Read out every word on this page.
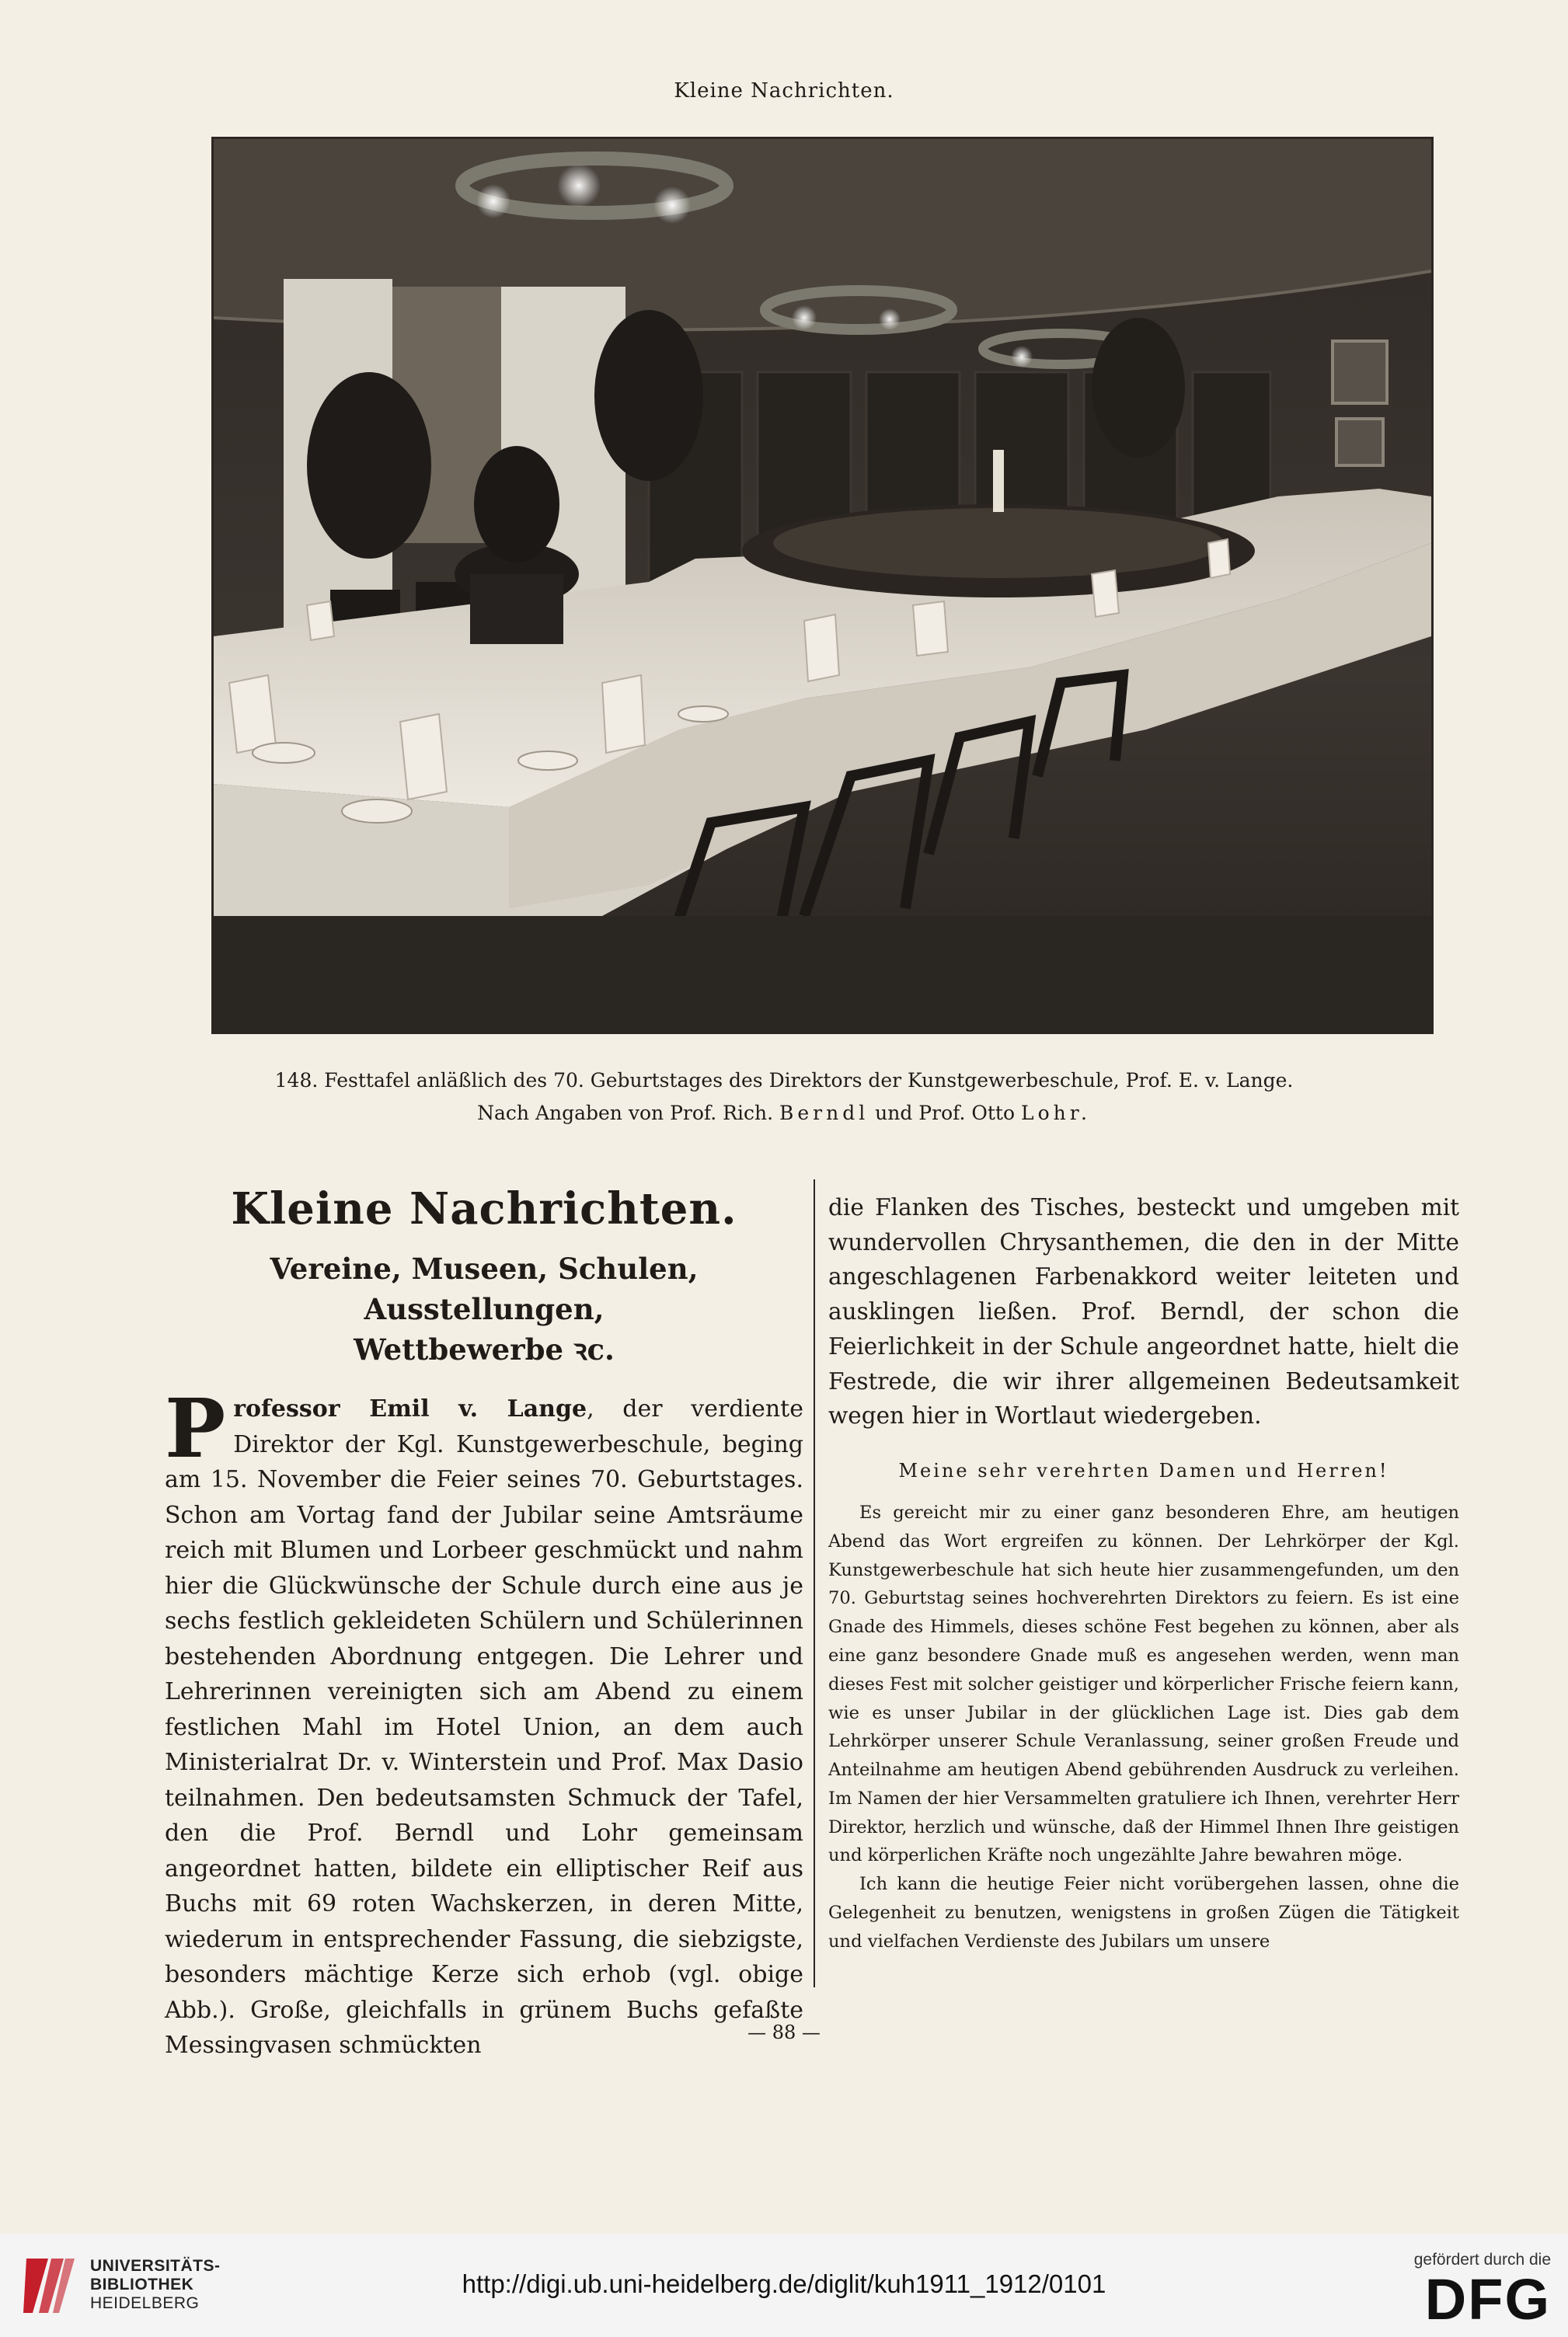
Kleine Nachrichten.
148. Festtafel anläßlich des 70. Geburtstages des Direktors der Kunstgewerbeschule, Prof. E. v. Lange.
Nach Angaben von Prof. Rich. Berndl und Prof. Otto Lohr.
Kleine Nachrichten.
Vereine, Museen, Schulen, Ausstellungen,
Wettbewerbe ꝛc.
Professor Emil v. Lange, der verdiente Direktor der Kgl. Kunstgewerbeschule, beging am 15. November die Feier seines 70. Geburtstages. Schon am Vortag fand der Jubilar seine Amtsräume reich mit Blumen und Lorbeer geschmückt und nahm hier die Glückwünsche der Schule durch eine aus je sechs festlich gekleideten Schülern und Schülerinnen bestehenden Abordnung entgegen. Die Lehrer und Lehrerinnen vereinigten sich am Abend zu einem festlichen Mahl im Hotel Union, an dem auch Ministerialrat Dr. v. Winterstein und Prof. Max Dasio teilnahmen. Den bedeutsamsten Schmuck der Tafel, den die Prof. Berndl und Lohr gemeinsam angeordnet hatten, bildete ein elliptischer Reif aus Buchs mit 69 roten Wachskerzen, in deren Mitte, wiederum in entsprechender Fassung, die siebzigste, besonders mächtige Kerze sich erhob (vgl. obige Abb.). Große, gleichfalls in grünem Buchs gefaßte Messingvasen schmückten
die Flanken des Tisches, besteckt und umgeben mit wundervollen Chrysanthemen, die den in der Mitte angeschlagenen Farbenakkord weiter leiteten und ausklingen ließen. Prof. Berndl, der schon die Feierlichkeit in der Schule angeordnet hatte, hielt die Festrede, die wir ihrer allgemeinen Bedeutsamkeit wegen hier in Wortlaut wiedergeben.
Meine sehr verehrten Damen und Herren!

Es gereicht mir zu einer ganz besonderen Ehre, am heutigen Abend das Wort ergreifen zu können. Der Lehrkörper der Kgl. Kunstgewerbeschule hat sich heute hier zusammengefunden, um den 70. Geburtstag seines hochverehrten Direktors zu feiern. Es ist eine Gnade des Himmels, dieses schöne Fest begehen zu können, aber als eine ganz besondere Gnade muß es angesehen werden, wenn man dieses Fest mit solcher geistiger und körperlicher Frische feiern kann, wie es unser Jubilar in der glücklichen Lage ist. Dies gab dem Lehrkörper unserer Schule Veranlassung, seiner großen Freude und Anteilnahme am heutigen Abend gebührenden Ausdruck zu verleihen. Im Namen der hier Versammelten gratuliere ich Ihnen, verehrter Herr Direktor, herzlich und wünsche, daß der Himmel Ihnen Ihre geistigen und körperlichen Kräfte noch ungezählte Jahre bewahren möge.

Ich kann die heutige Feier nicht vorübergehen lassen, ohne die Gelegenheit zu benutzen, wenigstens in großen Zügen die Tätigkeit und vielfachen Verdienste des Jubilars um unsere

— 88 —
UNIVERSITÄTS-
BIBLIOTHEK
HEIDELBERG
http://digi.ub.uni-heidelberg.de/diglit/kuh1911_1912/0101
gefördert durch die
DFG
